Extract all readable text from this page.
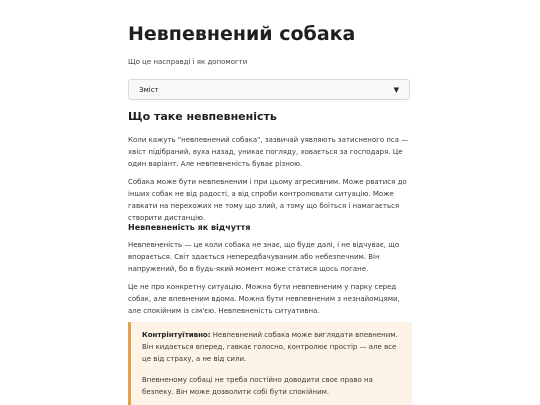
Невпевнений собака

Що це насправді і як допомогти

Зміст	▼
Що таке невпевненість

Коли кажуть "невпевнений собака", зазвичай уявляють затисненого пса — хвіст підібраний, вуха назад, уникає погляду, ховається за господаря. Це один варіант. Але невпевненість буває різною.

Собака може бути невпевненим і при цьому агресивним. Може рватися до інших собак не від радості, а від спроби контролювати ситуацію. Може гавкати на перехожих не тому що злий, а тому що боїться і намагається створити дистанцію.

Невпевненість як відчуття

Невпевненість — це коли собака не знає, що буде далі, і не відчуває, що впорається. Світ здається непередбачуваним або небезпечним. Він напружений, бо в будь-який момент може статися щось погане.

Це не про конкретну ситуацію. Можна бути невпевненим у парку серед собак, але впевненим вдома. Можна бути невпевненим з незнайомцями, але спокійним із сім'єю. Невпевненість ситуативна.

Контрінтуїтивно: Невпевнений собака може виглядати впевненим. Він кидається вперед, гавкає голосно, контролює простір — але все це від страху, а не від сили.

Впевненому собаці не треба постійно доводити своє право на безпеку. Він може дозволити собі бути спокійним.
